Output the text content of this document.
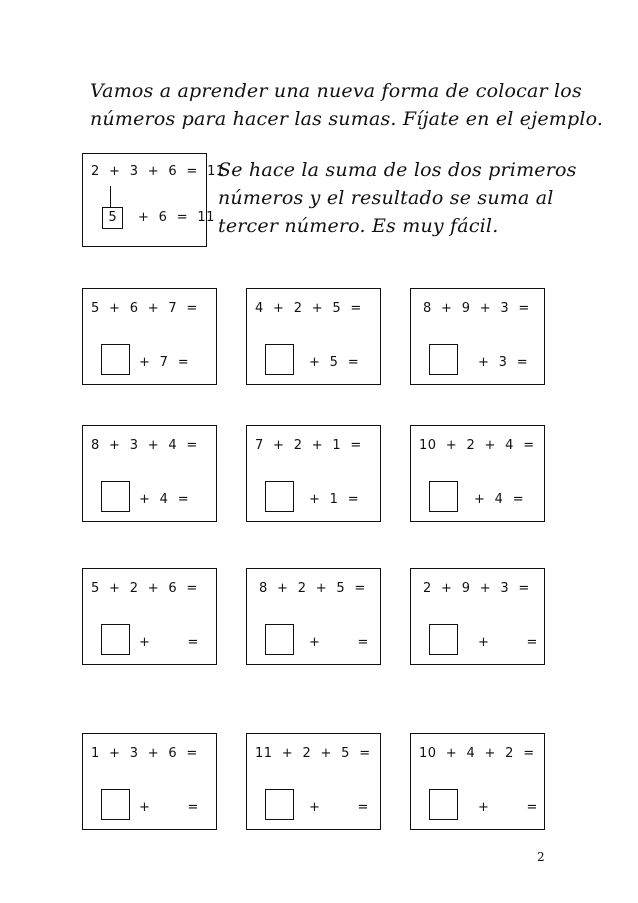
Vamos a aprender una nueva forma de colocar los
números para hacer las sumas. Fíjate en el ejemplo.
2  +  3  +  6  =  11
5	+  6  =  11
Se hace la suma de los dos primeros
números y el resultado se suma al
tercer número. Es muy fácil.
5  +  6  +  7  =
+  7  =
4  +  2  +  5  =
+  5  =
8  +  9  +  3  =
+  3  =
8  +  3  +  4  =
+  4  =
7  +  2  +  1  =
+  1  =
10  +  2  +  4  =
+  4  =
5  +  2  +  6  =
+        =
8  +  2  +  5  =
+        =
2  +  9  +  3  =
+        =
1  +  3  +  6  =
+        =
11  +  2  +  5  =
+        =
10  +  4  +  2  =
+        =
2
